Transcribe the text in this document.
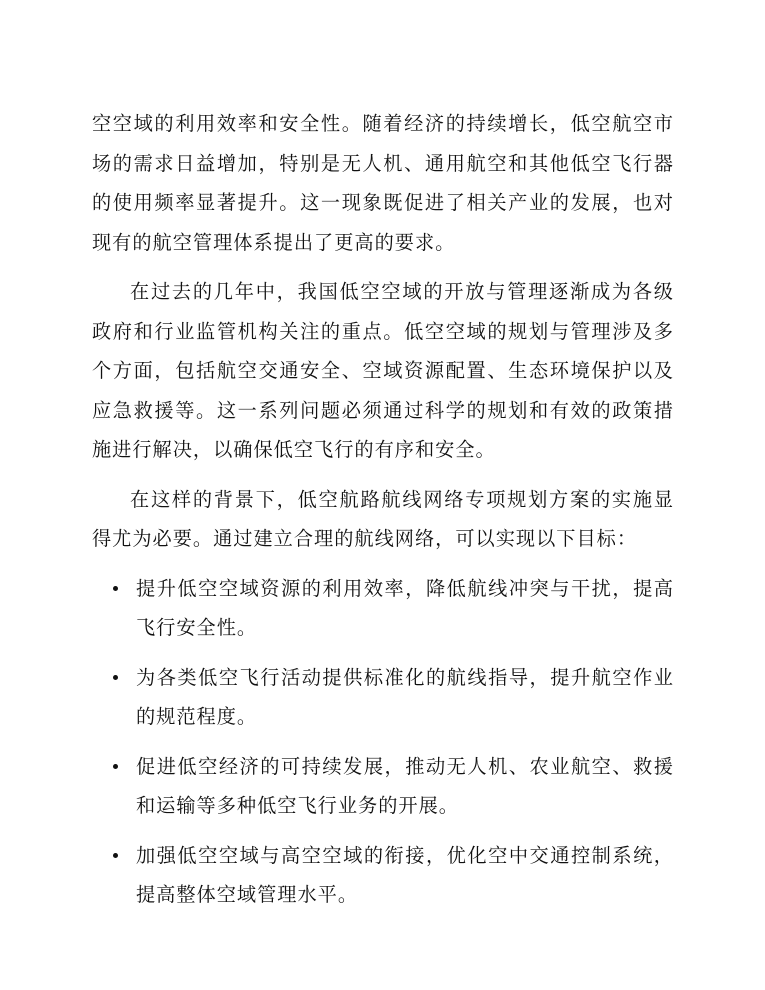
空空域的利用效率和安全性。随着经济的持续增长，低空航空市场的需求日益增加，特别是无人机、通用航空和其他低空飞行器的使用频率显著提升。这一现象既促进了相关产业的发展，也对现有的航空管理体系提出了更高的要求。

在过去的几年中，我国低空空域的开放与管理逐渐成为各级政府和行业监管机构关注的重点。低空空域的规划与管理涉及多个方面，包括航空交通安全、空域资源配置、生态环境保护以及应急救援等。这一系列问题必须通过科学的规划和有效的政策措施进行解决，以确保低空飞行的有序和安全。

在这样的背景下，低空航路航线网络专项规划方案的实施显得尤为必要。通过建立合理的航线网络，可以实现以下目标：

提升低空空域资源的利用效率，降低航线冲突与干扰，提高飞行安全性。
为各类低空飞行活动提供标准化的航线指导，提升航空作业的规范程度。
促进低空经济的可持续发展，推动无人机、农业航空、救援和运输等多种低空飞行业务的开展。
加强低空空域与高空空域的衔接，优化空中交通控制系统，提高整体空域管理水平。
